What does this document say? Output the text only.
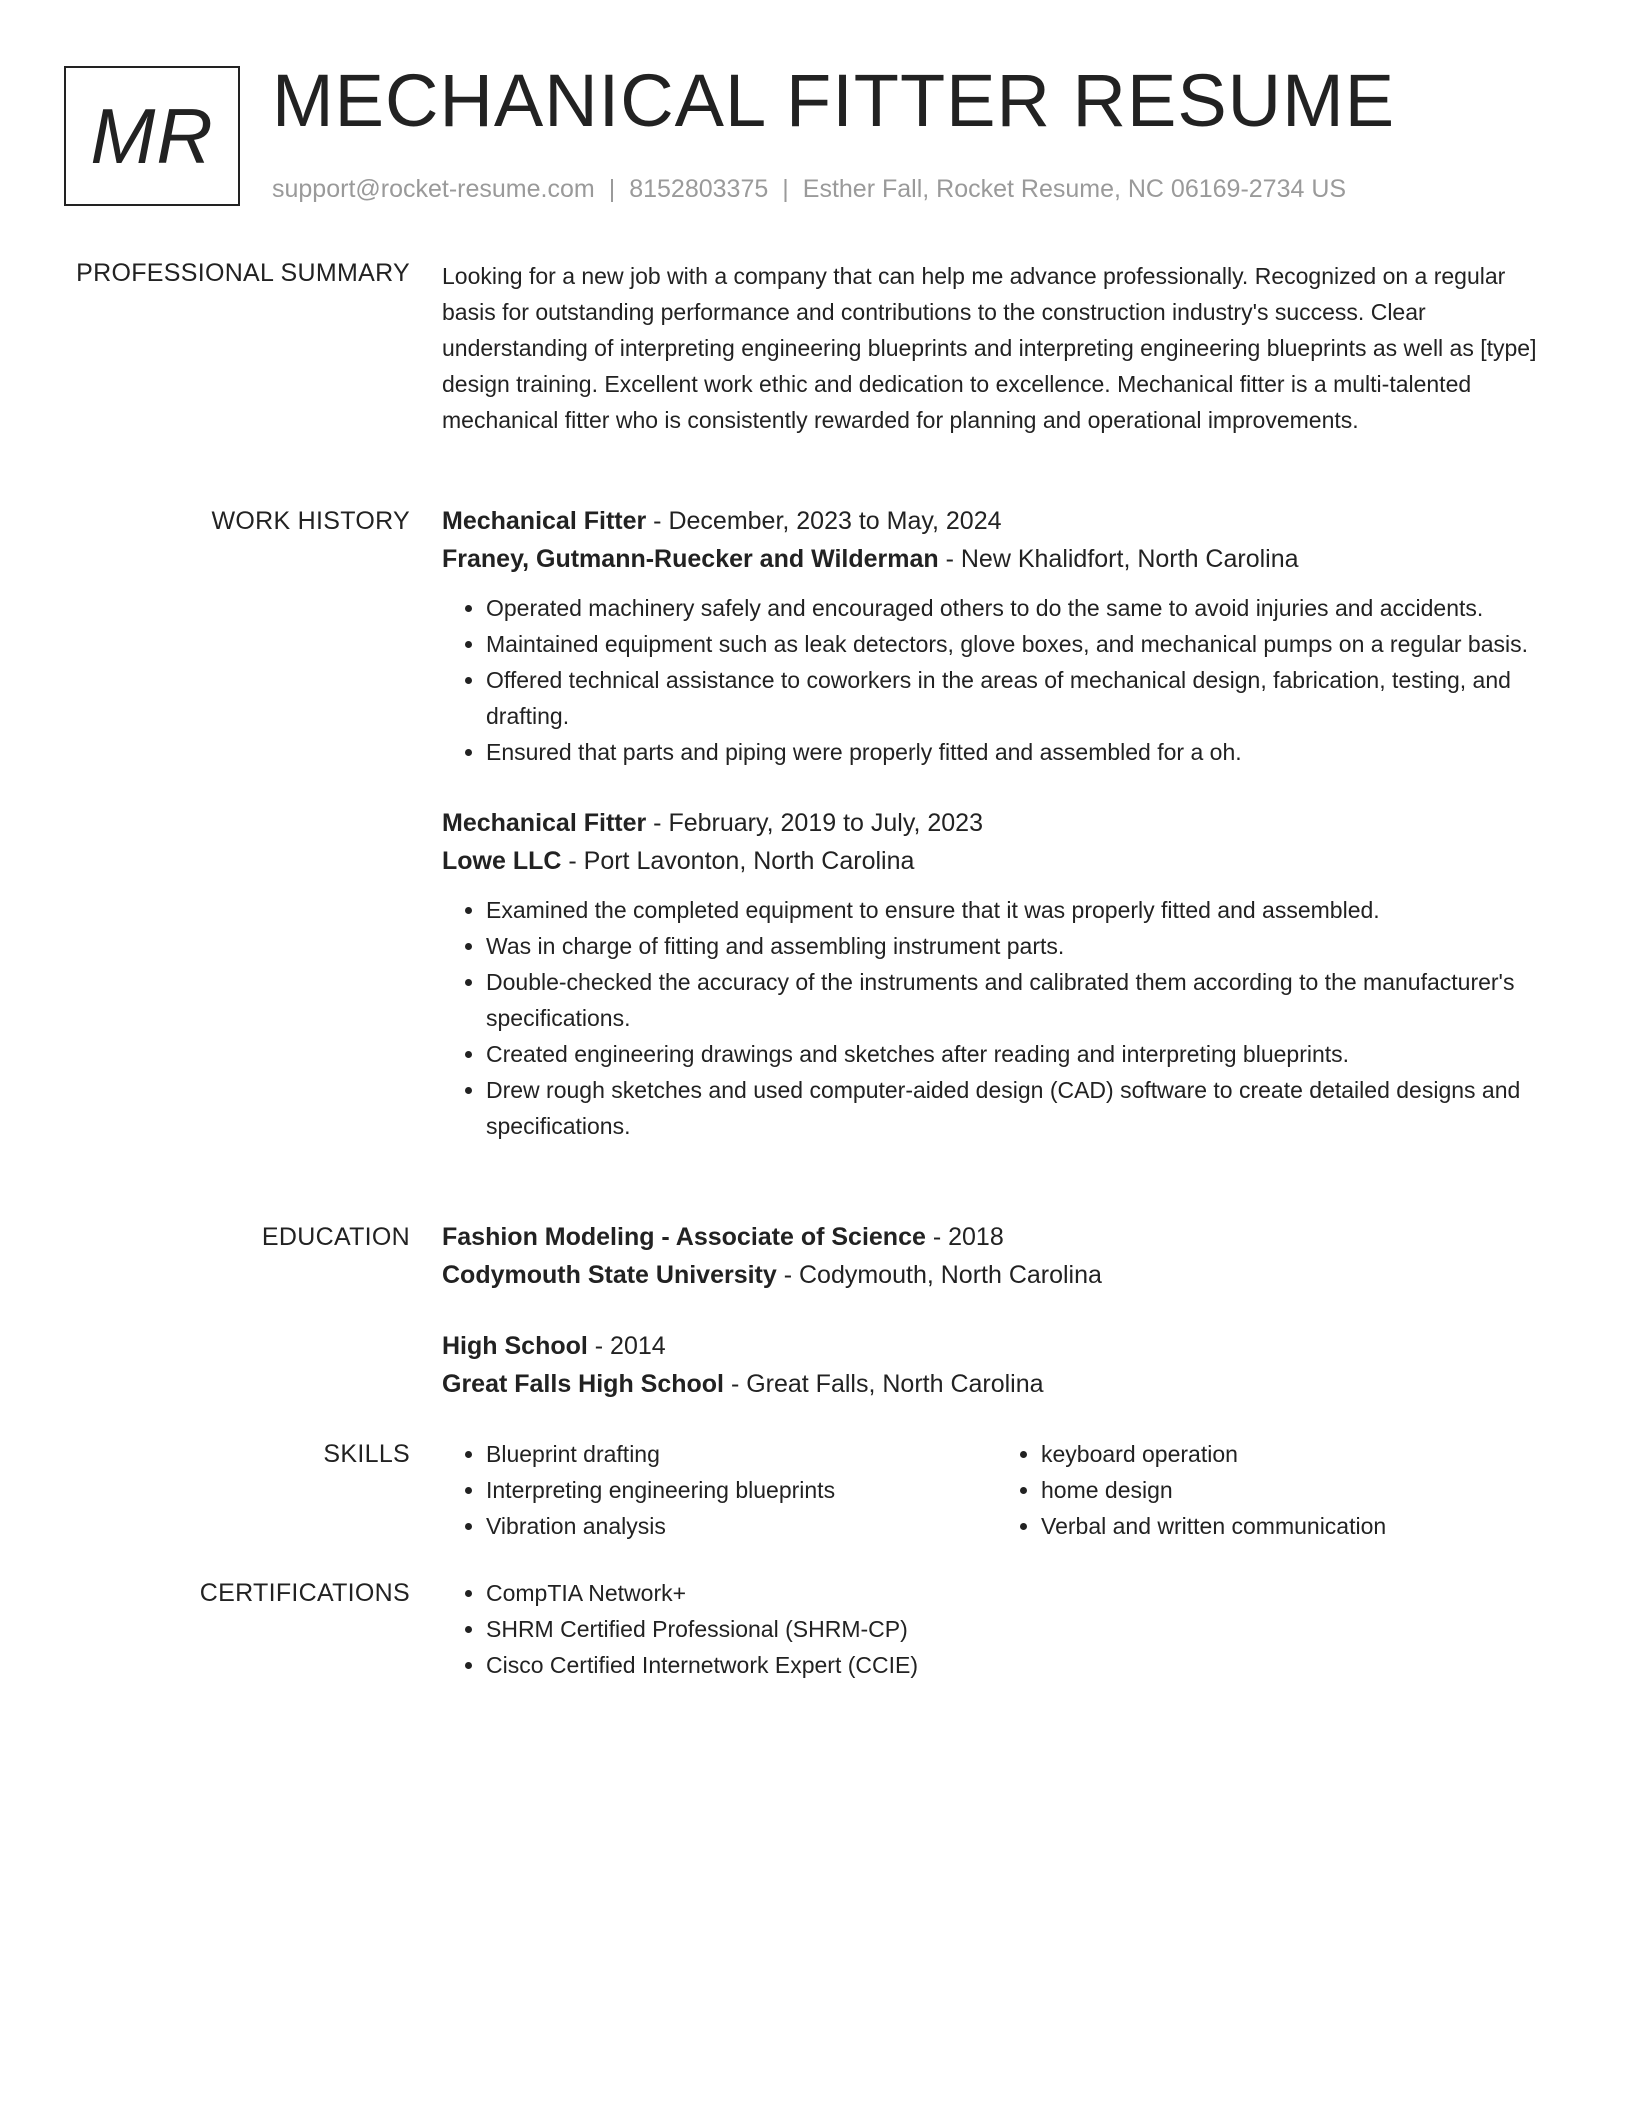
MR MECHANICAL FITTER RESUME
support@rocket-resume.com | 8152803375 | Esther Fall, Rocket Resume, NC 06169-2734 US
PROFESSIONAL SUMMARY Looking for a new job with a company that can help me advance professionally. Recognized on a regular basis for outstanding performance and contributions to the construction industry's success. Clear understanding of interpreting engineering blueprints and interpreting engineering blueprints as well as [type] design training. Excellent work ethic and dedication to excellence. Mechanical fitter is a multi-talented mechanical fitter who is consistently rewarded for planning and operational improvements.

WORK HISTORY Mechanical Fitter - December, 2023 to May, 2024
Franey, Gutmann-Ruecker and Wilderman - New Khalidfort, North Carolina
• Operated machinery safely and encouraged others to do the same to avoid injuries and accidents.
• Maintained equipment such as leak detectors, glove boxes, and mechanical pumps on a regular basis.
• Offered technical assistance to coworkers in the areas of mechanical design, fabrication, testing, and drafting.
• Ensured that parts and piping were properly fitted and assembled for a oh.
Mechanical Fitter - February, 2019 to July, 2023
Lowe LLC - Port Lavonton, North Carolina
• Examined the completed equipment to ensure that it was properly fitted and assembled.
• Was in charge of fitting and assembling instrument parts.
• Double-checked the accuracy of the instruments and calibrated them according to the manufacturer's specifications.
• Created engineering drawings and sketches after reading and interpreting blueprints.
• Drew rough sketches and used computer-aided design (CAD) software to create detailed designs and specifications.
EDUCATION Fashion Modeling - Associate of Science - 2018
Codymouth State University - Codymouth, North Carolina
High School - 2014
Great Falls High School - Great Falls, North Carolina
SKILLS	• Blueprint drafting
• Interpreting engineering blueprints
• Vibration analysis
• keyboard operation
• home design
• Verbal and written communication
CERTIFICATIONS	• CompTIA Network+
• SHRM Certified Professional (SHRM-CP)
• Cisco Certified Internetwork Expert (CCIE)
